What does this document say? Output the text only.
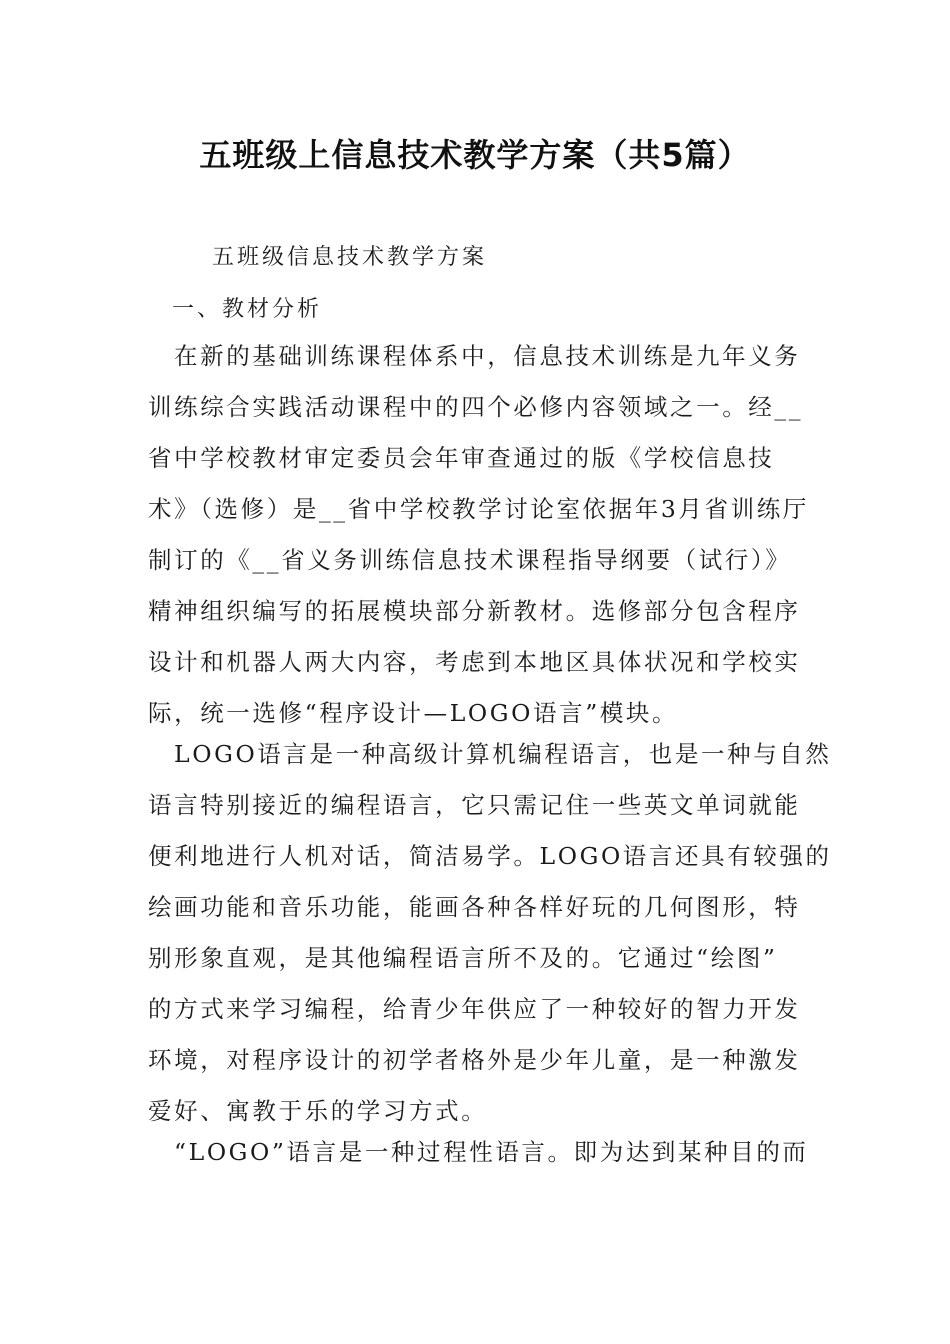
五班级上信息技术教学方案（共5篇）
五班级信息技术教学方案
一、教材分析
在新的基础训练课程体系中，信息技术训练是九年义务
训练综合实践活动课程中的四个必修内容领域之一。经__
省中学校教材审定委员会年审查通过的版《学校信息技
术》（选修）是__省中学校教学讨论室依据年3月省训练厅
制订的《__省义务训练信息技术课程指导纲要（试行）》
精神组织编写的拓展模块部分新教材。选修部分包含程序
设计和机器人两大内容，考虑到本地区具体状况和学校实
际，统一选修“程序设计—LOGO语言”模块。
LOGO语言是一种高级计算机编程语言，也是一种与自然
语言特别接近的编程语言，它只需记住一些英文单词就能
便利地进行人机对话，简洁易学。LOGO语言还具有较强的
绘画功能和音乐功能，能画各种各样好玩的几何图形，特
别形象直观，是其他编程语言所不及的。它通过“绘图”
的方式来学习编程，给青少年供应了一种较好的智力开发
环境，对程序设计的初学者格外是少年儿童，是一种激发
爱好、寓教于乐的学习方式。
“LOGO”语言是一种过程性语言。即为达到某种目的而
